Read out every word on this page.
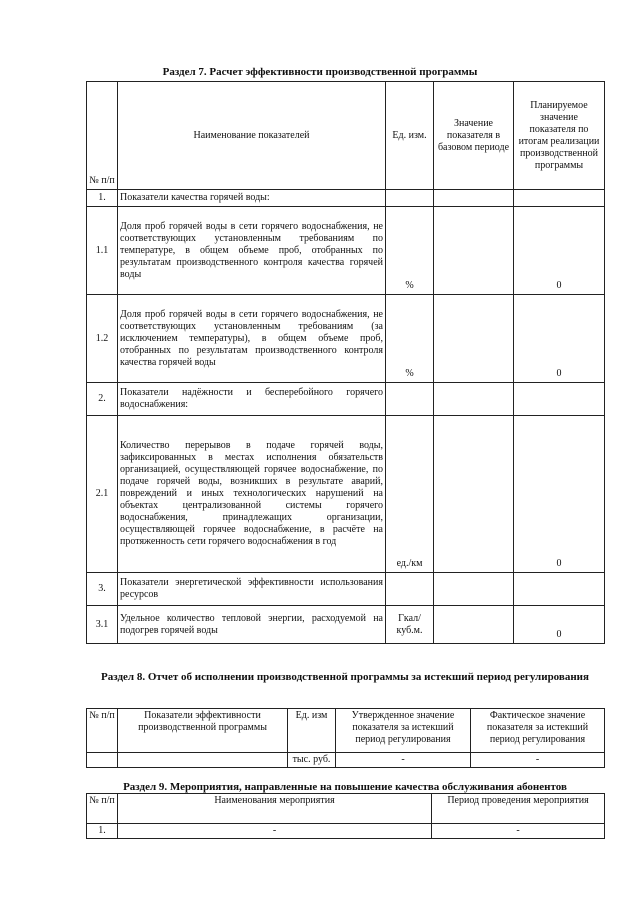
Раздел 7. Расчет эффективности производственной программы
№ п/п	Наименование показателей	Ед. изм.	Значение показателя в базовом периоде	Планируемое значение показателя по итогам реализации производственной программы
1.	Показатели качества горячей воды:			
1.1	Доля проб горячей воды в сети горячего водоснабжения, не соответствующих установленным требованиям по температуре, в общем объеме проб, отобранных по результатам производственного контроля качества горячей воды	%		0
1.2	Доля проб горячей воды в сети горячего водоснабжения, не соответствующих установленным требованиям (за исключением температуры), в общем объеме проб, отобранных по результатам производственного контроля качества горячей воды	%		0
2.	Показатели надёжности и бесперебойного горячего водоснабжения:			
2.1	Количество перерывов в подаче горячей воды, зафиксированных в местах исполнения обязательств организацией, осуществляющей горячее водоснабжение, по подаче горячей воды, возникших в результате аварий, повреждений и иных технологических нарушений на объектах централизованной системы горячего водоснабжения, принадлежащих организации, осуществляющей горячее водоснабжение, в расчёте на протяженность сети горячего водоснабжения в год	ед./км		0
3.	Показатели энергетической эффективности использования ресурсов			
3.1	Удельное количество тепловой энергии, расходуемой на подогрев горячей воды	Гкал/ куб.м.		0
Раздел 8. Отчет об исполнении производственной программы за истекший период регулирования
№ п/п	Показатели эффективности производственной программы	Ед. изм	Утвержденное значение показателя за истекший период регулирования	Фактическое значение показателя за истекший период регулирования
		тыс. руб.	-	-
Раздел 9. Мероприятия, направленные на повышение качества обслуживания абонентов
№ п/п	Наименования мероприятия	Период проведения мероприятия
1.	-	-
